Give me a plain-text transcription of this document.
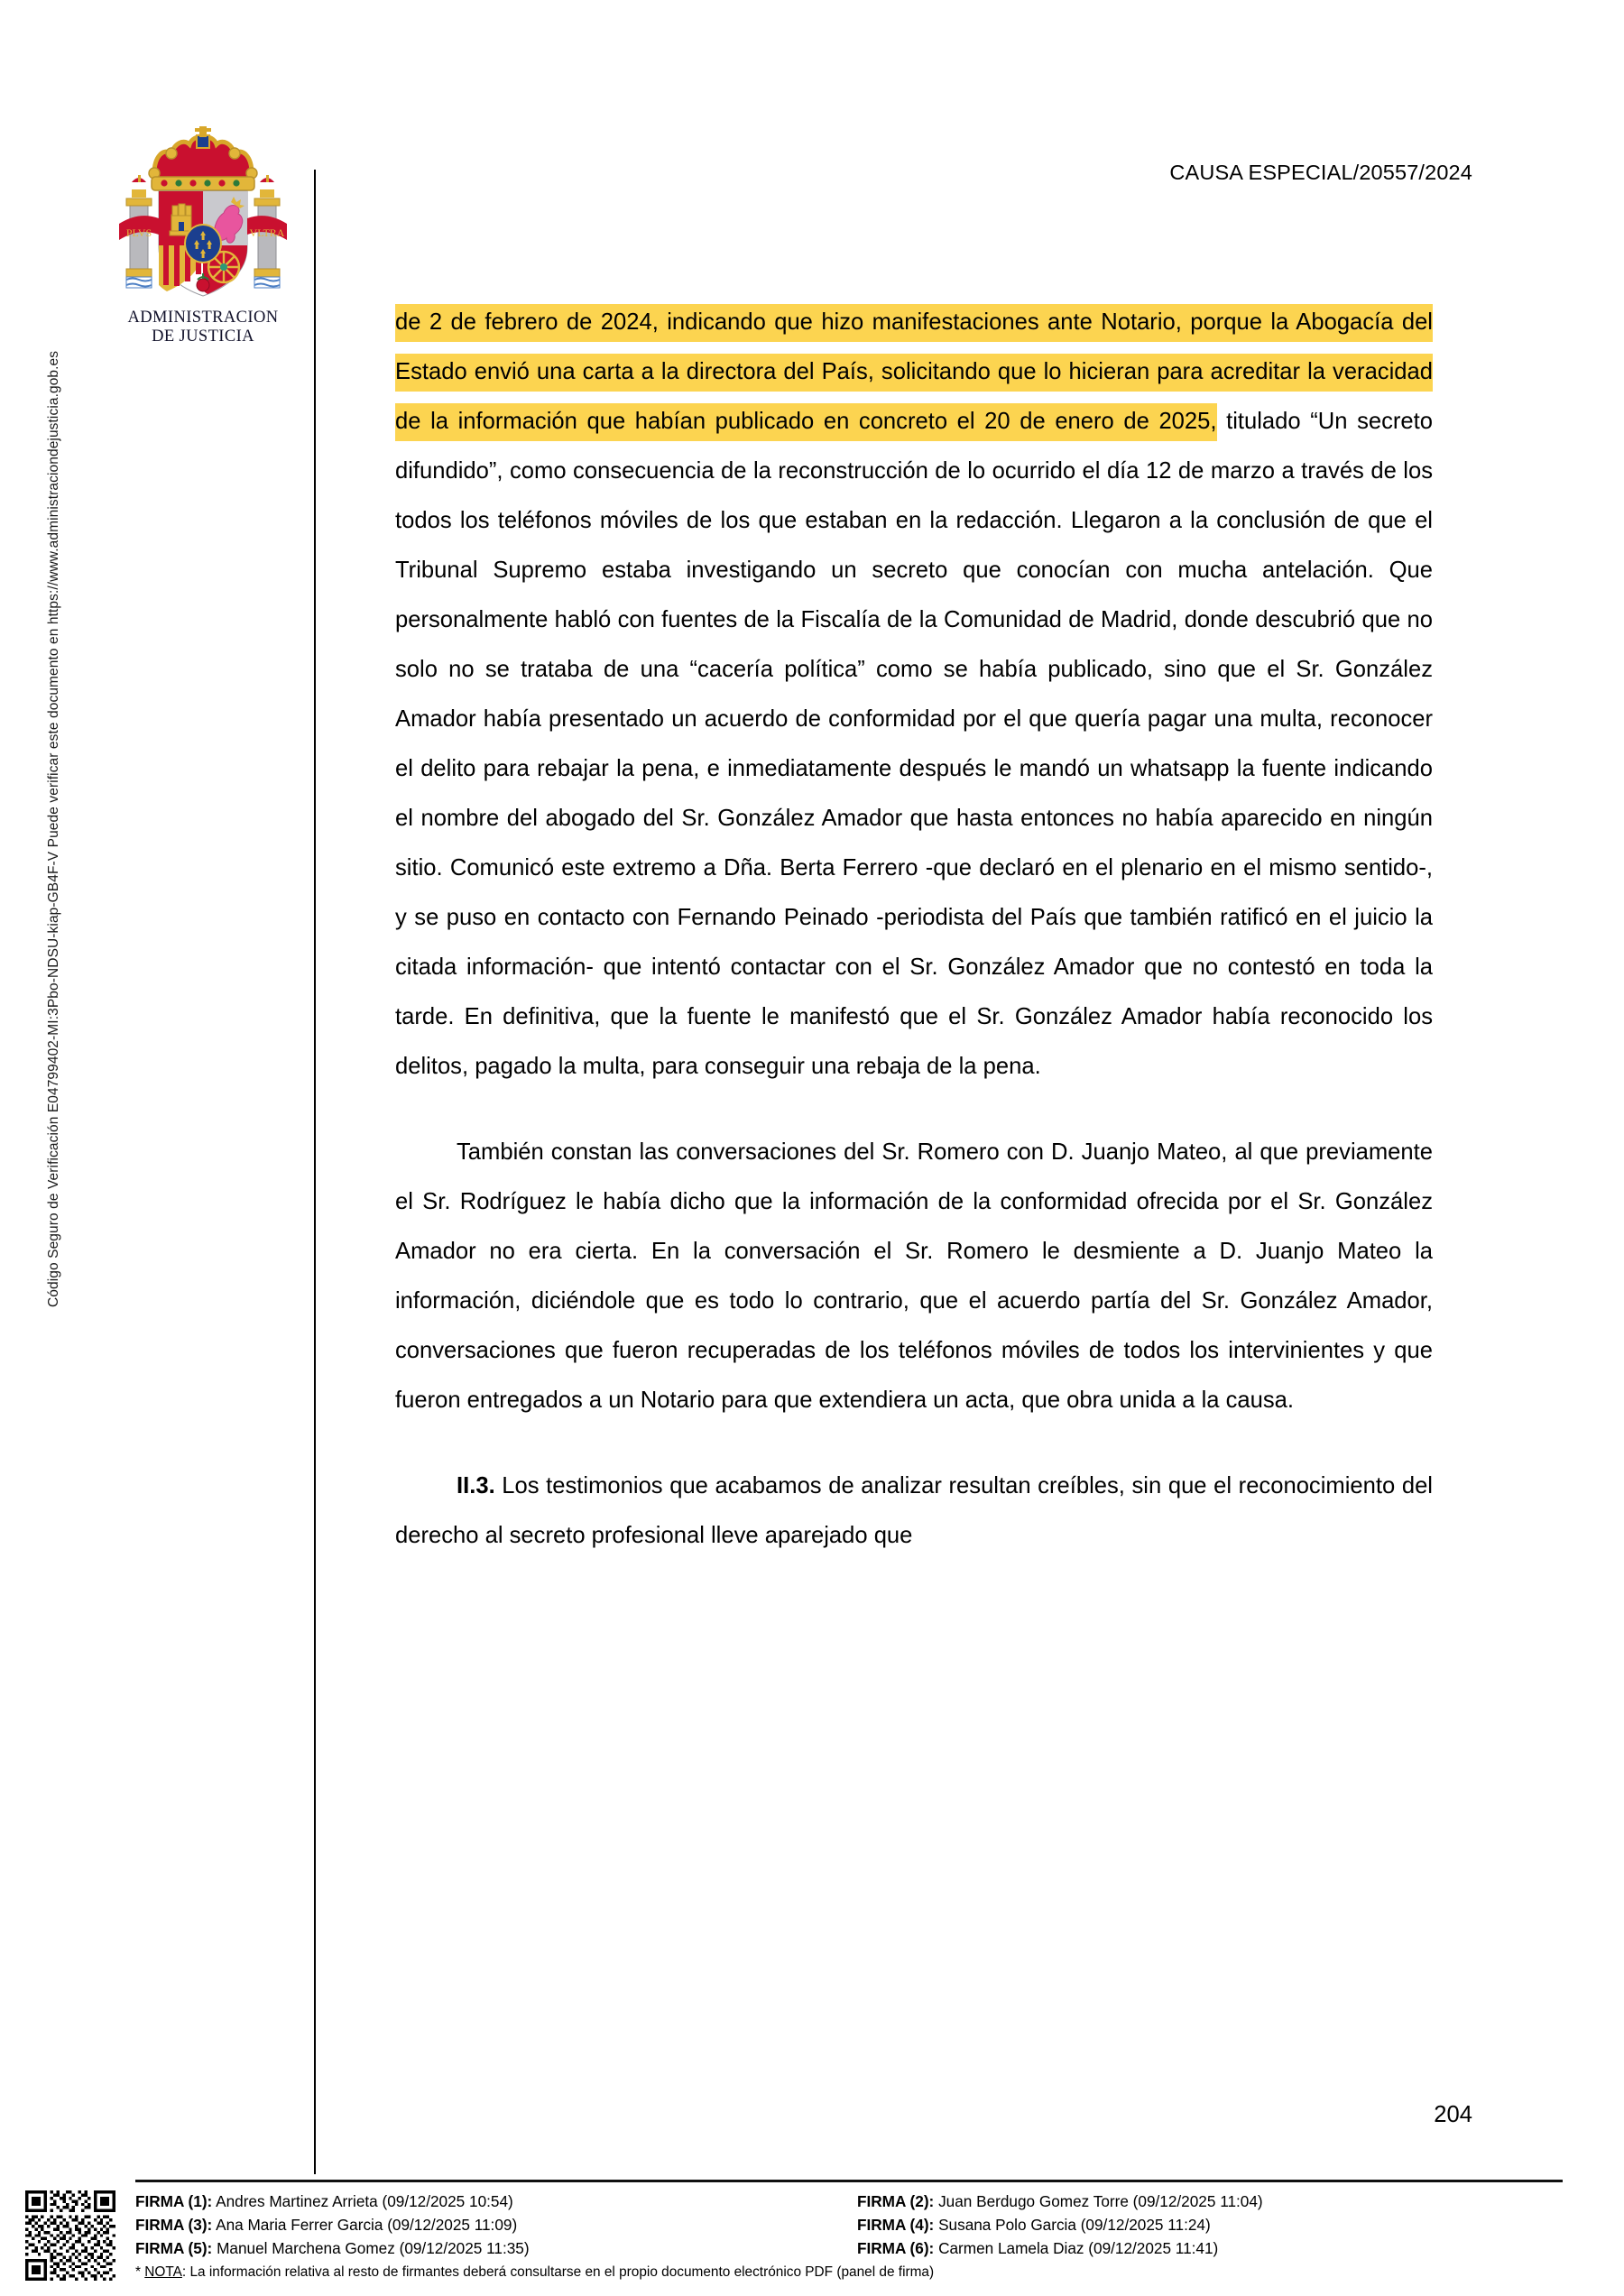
Código Seguro de Verificación E04799402-MI:3Pbo-NDSU-kiap-GB4F-V Puede verificar este documento en https://www.administraciondejusticia.gob.es
PLVS	VLTRA
ADMINISTRACION
DE JUSTICIA
CAUSA ESPECIAL/20557/2024

de 2 de febrero de 2024, indicando que hizo manifestaciones ante Notario, porque la Abogacía del Estado envió una carta a la directora del País, solicitando que lo hicieran para acreditar la veracidad de la información que habían publicado en concreto el 20 de enero de 2025, titulado “Un secreto difundido”, como consecuencia de la reconstrucción de lo ocurrido el día 12 de marzo a través de los todos los teléfonos móviles de los que estaban en la redacción. Llegaron a la conclusión de que el Tribunal Supremo estaba investigando un secreto que conocían con mucha antelación. Que personalmente habló con fuentes de la Fiscalía de la Comunidad de Madrid, donde descubrió que no solo no se trataba de una “cacería política” como se había publicado, sino que el Sr. González Amador había presentado un acuerdo de conformidad por el que quería pagar una multa, reconocer el delito para rebajar la pena, e inmediatamente después le mandó un whatsapp la fuente indicando el nombre del abogado del Sr. González Amador que hasta entonces no había aparecido en ningún sitio. Comunicó este extremo a Dña. Berta Ferrero -que declaró en el plenario en el mismo sentido-, y se puso en contacto con Fernando Peinado -periodista del País que también ratificó en el juicio la citada información- que intentó contactar con el Sr. González Amador que no contestó en toda la tarde. En definitiva, que la fuente le manifestó que el Sr. González Amador había reconocido los delitos, pagado la multa, para conseguir una rebaja de la pena.

También constan las conversaciones del Sr. Romero con D. Juanjo Mateo, al que previamente el Sr. Rodríguez le había dicho que la información de la conformidad ofrecida por el Sr. González Amador no era cierta. En la conversación el Sr. Romero le desmiente a D. Juanjo Mateo la información, diciéndole que es todo lo contrario, que el acuerdo partía del Sr. González Amador, conversaciones que fueron recuperadas de los teléfonos móviles de todos los intervinientes y que fueron entregados a un Notario para que extendiera un acta, que obra unida a la causa.

II.3. Los testimonios que acabamos de analizar resultan creíbles, sin que el reconocimiento del derecho al secreto profesional lleve aparejado que

204
FIRMA (1): Andres Martinez Arrieta (09/12/2025 10:54)	FIRMA (2): Juan Berdugo Gomez Torre (09/12/2025 11:04)
FIRMA (3): Ana Maria Ferrer Garcia (09/12/2025 11:09)	FIRMA (4): Susana Polo Garcia (09/12/2025 11:24)
FIRMA (5): Manuel Marchena Gomez (09/12/2025 11:35)	FIRMA (6): Carmen Lamela Diaz (09/12/2025 11:41)
* NOTA: La información relativa al resto de firmantes deberá consultarse en el propio documento electrónico PDF (panel de firma)
